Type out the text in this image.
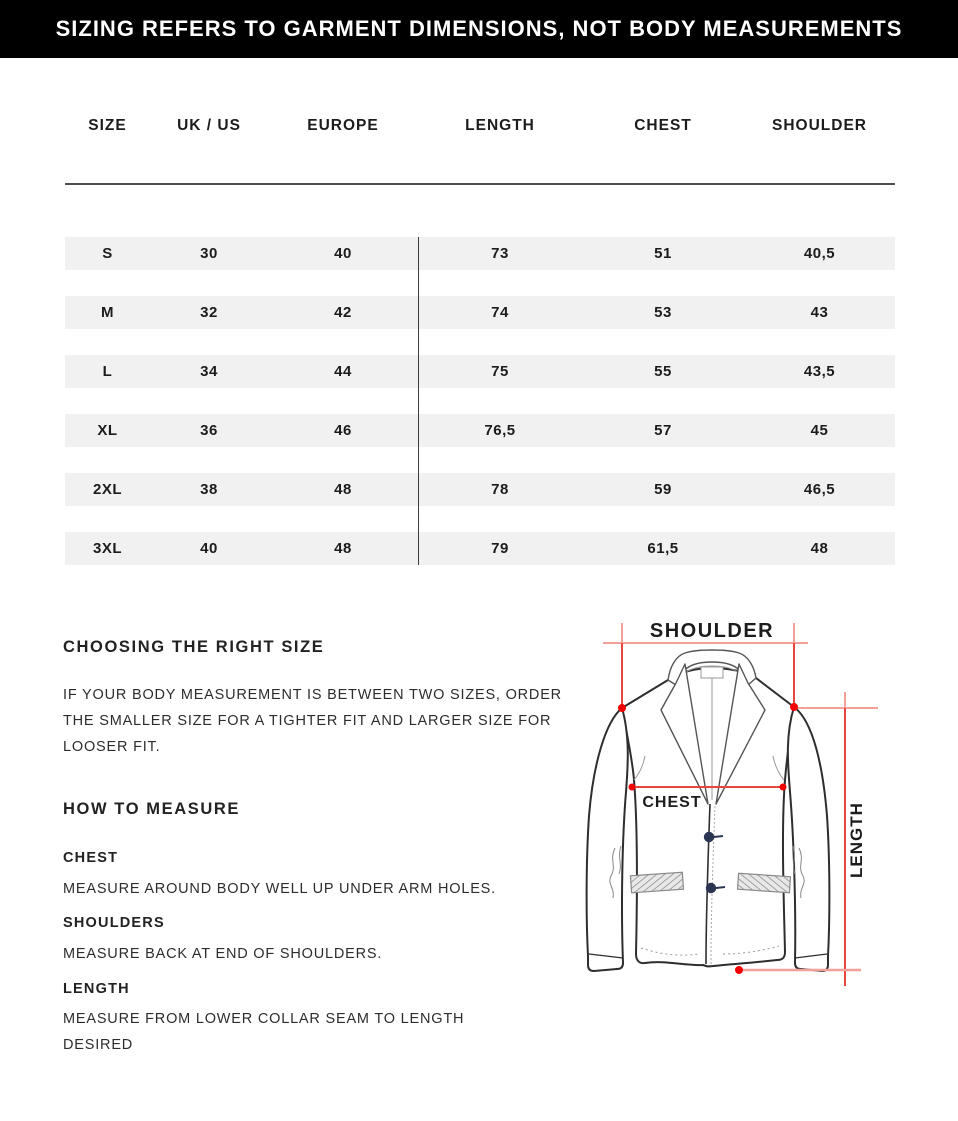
SIZING REFERS TO GARMENT DIMENSIONS, NOT BODY MEASUREMENTS
SIZE	UK / US	EUROPE	LENGTH	CHEST	SHOULDER
S	30	40	73	51	40,5
M	32	42	74	53	43
L	34	44	75	55	43,5
XL	36	46	76,5	57	45
2XL	38	48	78	59	46,5
3XL	40	48	79	61,5	48
CHOOSING THE RIGHT SIZE

IF YOUR BODY MEASUREMENT IS BETWEEN TWO SIZES, ORDER THE SMALLER SIZE FOR A TIGHTER FIT AND LARGER SIZE FOR LOOSER FIT.

HOW TO MEASURE
CHEST

MEASURE AROUND BODY WELL UP UNDER ARM HOLES.

SHOULDERS

MEASURE BACK AT END OF SHOULDERS.

LENGTH

MEASURE FROM LOWER COLLAR SEAM TO LENGTH DESIRED

SHOULDER
CHEST	LENGTH
